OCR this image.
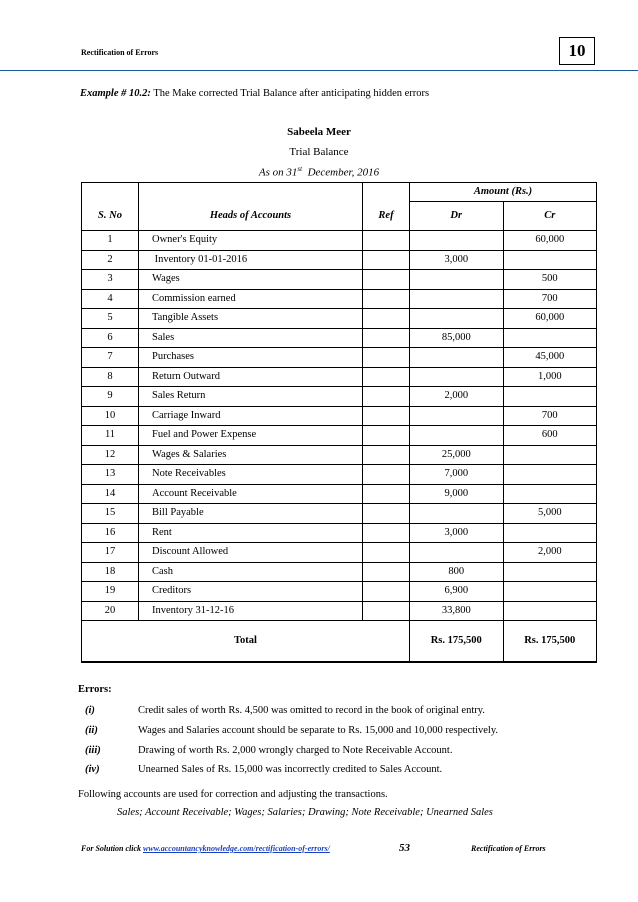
Rectification of Errors	10
Example # 10.2: The Make corrected Trial Balance after anticipating hidden errors
Sabeela Meer
Trial Balance
As on 31st  December, 2016
			Amount (Rs.)	
S. No	Heads of Accounts	Ref	Dr	Cr
1	Owner's Equity			60,000
2	Inventory 01-01-2016		3,000	
3	Wages			500
4	Commission earned			700
5	Tangible Assets			60,000
6	Sales		85,000	
7	Purchases			45,000
8	Return Outward			1,000
9	Sales Return		2,000	
10	Carriage Inward			700
11	Fuel and Power Expense			600
12	Wages & Salaries		25,000	
13	Note Receivables		7,000	
14	Account Receivable		9,000	
15	Bill Payable			5,000
16	Rent		3,000	
17	Discount Allowed			2,000
18	Cash		800	
19	Creditors		6,900	
20	Inventory 31-12-16		33,800	
Total			Rs. 175,500	Rs. 175,500
Errors:
(i)	Credit sales of worth Rs. 4,500 was omitted to record in the book of original entry.
(ii)	Wages and Salaries account should be separate to Rs. 15,000 and 10,000 respectively.
(iii)	Drawing of worth Rs. 2,000 wrongly charged to Note Receivable Account.
(iv)	Unearned Sales of Rs. 15,000 was incorrectly credited to Sales Account.
Following accounts are used for correction and adjusting the transactions.
Sales; Account Receivable; Wages; Salaries; Drawing; Note Receivable; Unearned Sales
For Solution click www.accountancyknowledge.com/rectification-of-errors/	53	Rectification of Errors
